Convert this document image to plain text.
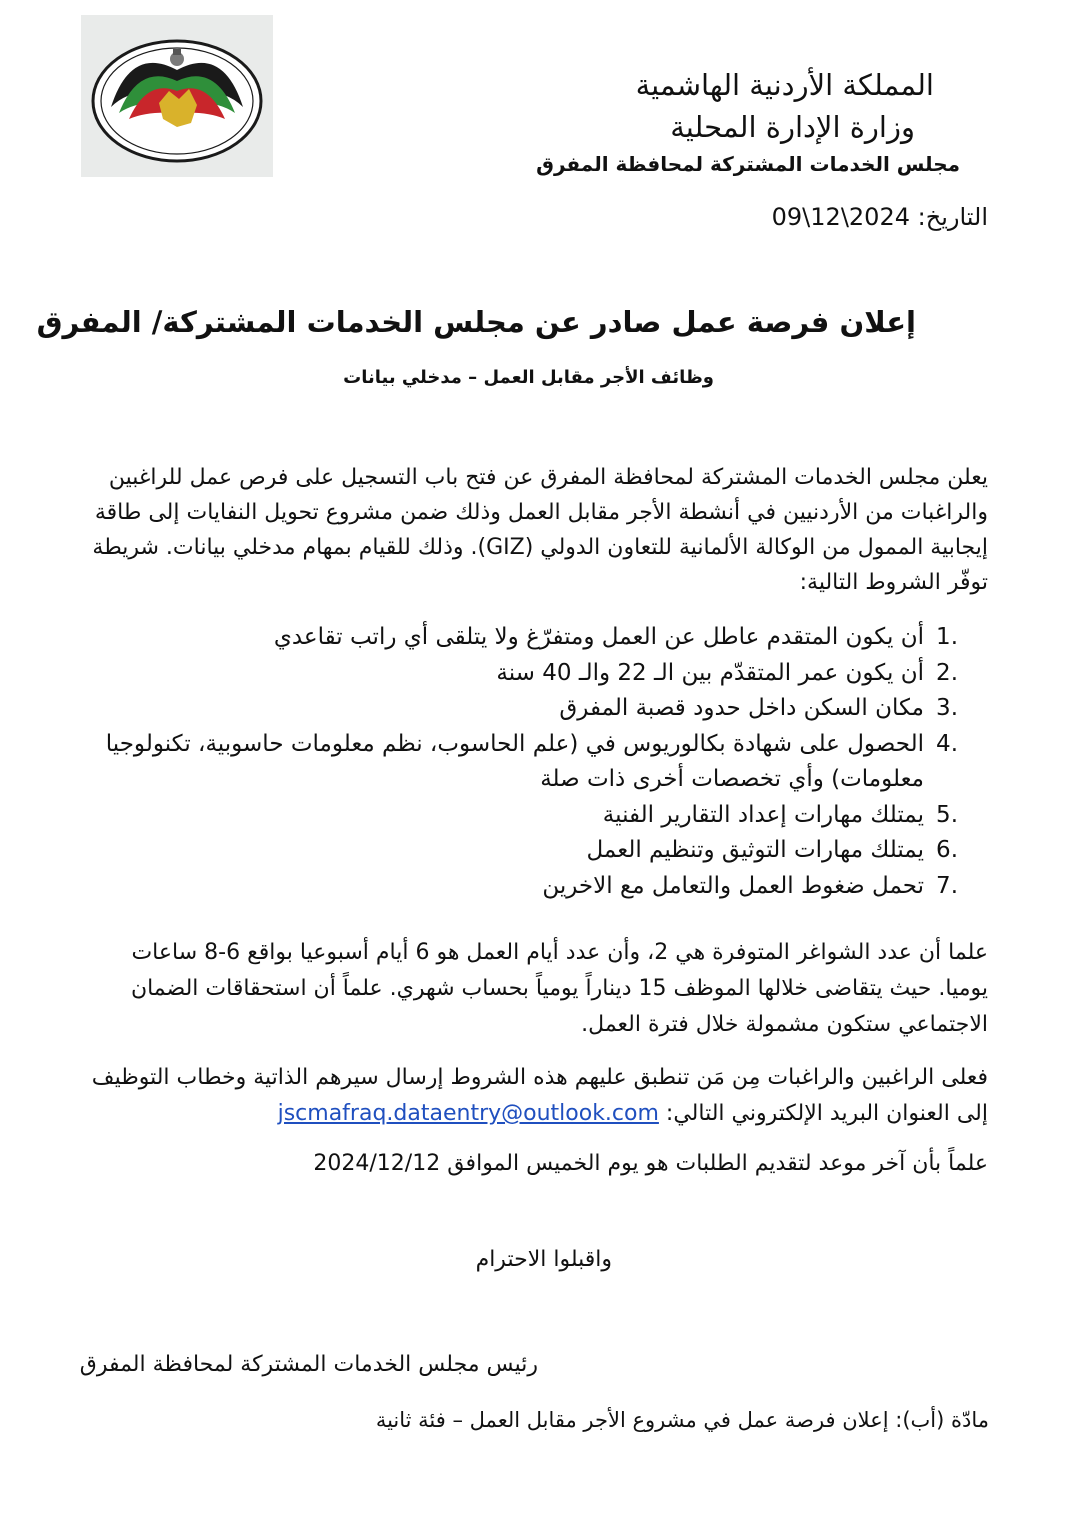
المملكة الأردنية الهاشمية
وزارة الإدارة المحلية
مجلس الخدمات المشتركة لمحافظة المفرق
التاريخ: 2024\12\09
إعلان فرصة عمل صادر عن مجلس الخدمات المشتركة/ المفرق
وظائف الأجر مقابل العمل – مدخلي بيانات
يعلن مجلس الخدمات المشتركة لمحافظة المفرق عن فتح باب التسجيل على فرص عمل للراغبين والراغبات من الأردنيين في أنشطة الأجر مقابل العمل وذلك ضمن مشروع تحويل النفايات إلى طاقة إيجابية الممول من الوكالة الألمانية للتعاون الدولي (GIZ). وذلك للقيام بمهام مدخلي بيانات. شريطة توفّر الشروط التالية:
.1
أن يكون المتقدم عاطل عن العمل ومتفرّغ ولا يتلقى أي راتب تقاعدي
.2
أن يكون عمر المتقدّم بين الـ 22 والـ 40 سنة
.3
مكان السكن داخل حدود قصبة المفرق
.4
الحصول على شهادة بكالوريوس في (علم الحاسوب، نظم معلومات حاسوبية، تكنولوجيا معلومات) وأي تخصصات أخرى ذات صلة
.5
يمتلك مهارات إعداد التقارير الفنية
.6
يمتلك مهارات التوثيق وتنظيم العمل
.7
تحمل ضغوط العمل والتعامل مع الاخرين
علما أن عدد الشواغر المتوفرة هي 2، وأن عدد أيام العمل هو 6 أيام أسبوعيا بواقع 6-8 ساعات يوميا. حيث يتقاضى خلالها الموظف 15 ديناراً يومياً بحساب شهري. علماً أن استحقاقات الضمان الاجتماعي ستكون مشمولة خلال فترة العمل.
فعلى الراغبين والراغبات مِن مَن تنطبق عليهم هذه الشروط إرسال سيرهم الذاتية وخطاب التوظيف إلى العنوان البريد الإلكتروني التالي: jscmafraq.dataentry@outlook.com
علماً بأن آخر موعد لتقديم الطلبات هو يوم الخميس الموافق 2024/12/12
واقبلوا الاحترام
رئيس مجلس الخدمات المشتركة لمحافظة المفرق
مادّة (أب): إعلان فرصة عمل في مشروع الأجر مقابل العمل – فئة ثانية
